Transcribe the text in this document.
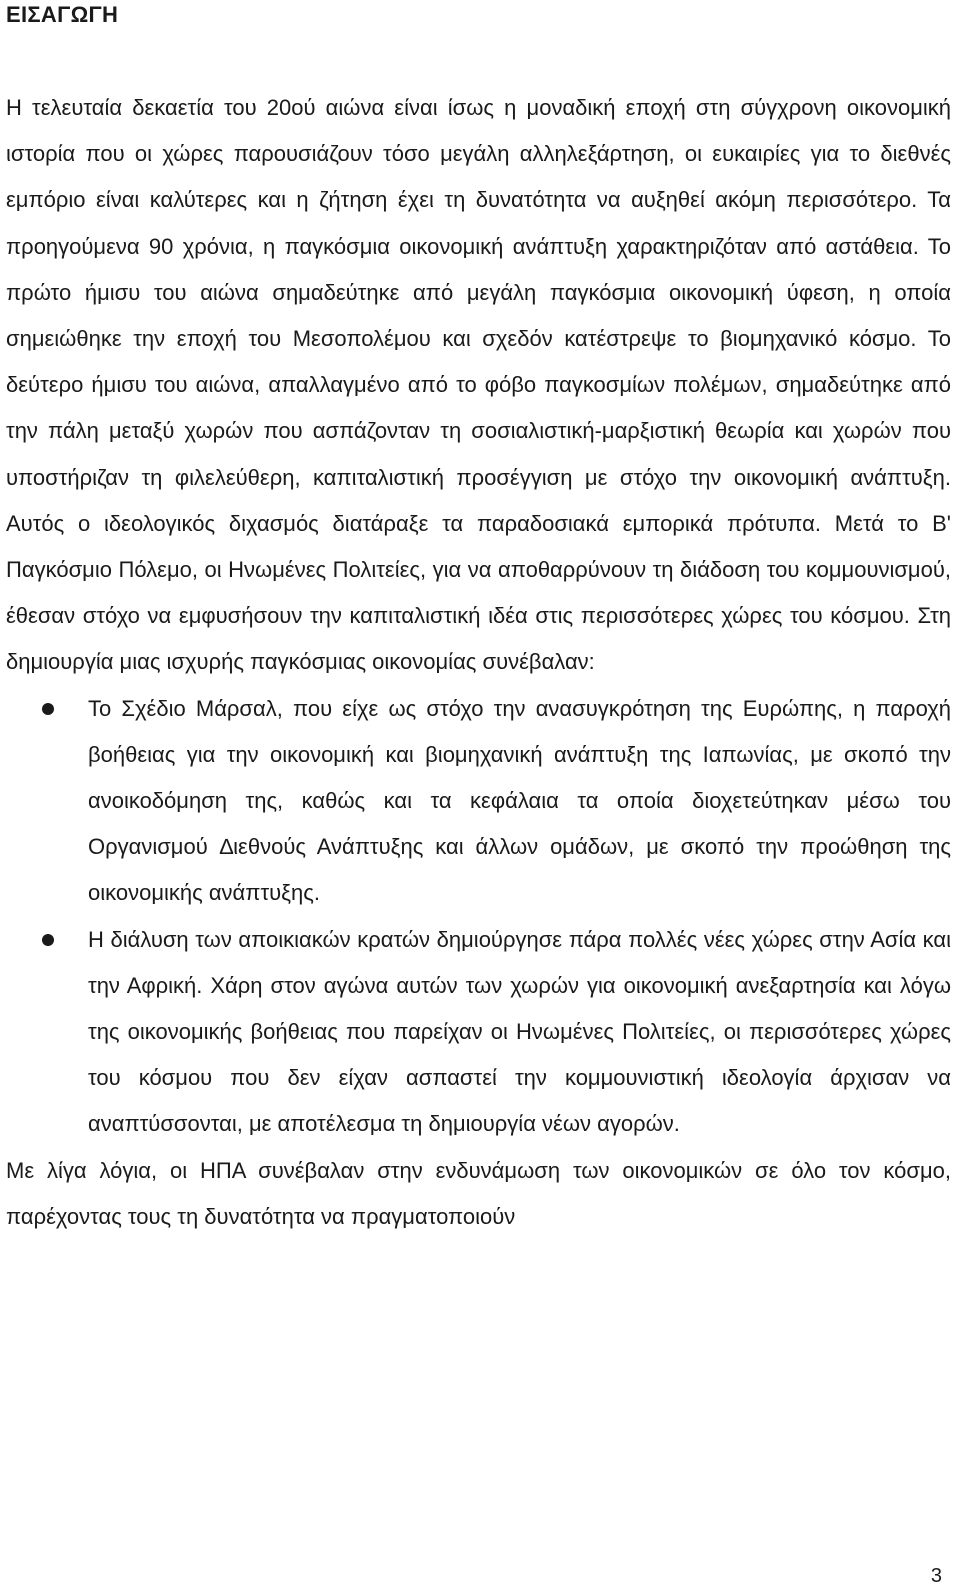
ΕΙΣΑΓΩΓΗ

Η τελευταία δεκαετία του 20ού αιώνα είναι ίσως η μοναδική εποχή στη σύγχρονη οικονομική ιστορία που οι χώρες παρουσιάζουν τόσο μεγάλη αλληλεξάρτηση, οι ευκαιρίες για το διεθνές εμπόριο είναι καλύτερες και η ζήτηση έχει τη δυνατότητα να αυξηθεί ακόμη περισσότερο. Τα προηγούμενα 90 χρόνια, η παγκόσμια οικονομική ανάπτυξη χαρακτηριζόταν από αστάθεια. Το πρώτο ήμισυ του αιώνα σημαδεύτηκε από μεγάλη παγκόσμια οικονομική ύφεση, η οποία σημειώθηκε την εποχή του Μεσοπολέμου και σχεδόν κατέστρεψε το βιομηχανικό κόσμο. Το δεύτερο ήμισυ του αιώνα, απαλλαγμένο από το φόβο παγκοσμίων πολέμων, σημαδεύτηκε από την πάλη μεταξύ χωρών που ασπάζονταν τη σοσιαλιστική-μαρξιστική θεωρία και χωρών που υποστήριζαν τη φιλελεύθερη, καπιταλιστική προσέγγιση με στόχο την οικονομική ανάπτυξη. Αυτός ο ιδεολογικός διχασμός διατάραξε τα παραδοσιακά εμπορικά πρότυπα. Μετά το Β' Παγκόσμιο Πόλεμο, οι Ηνωμένες Πολιτείες, για να αποθαρρύνουν τη διάδοση του κομμουνισμού, έθεσαν στόχο να εμφυσήσουν την καπιταλιστική ιδέα στις περισσότερες χώρες του κόσμου. Στη δημιουργία μιας ισχυρής παγκόσμιας οικονομίας συνέβαλαν:

Το Σχέδιο Μάρσαλ, που είχε ως στόχο την ανασυγκρότηση της Ευρώπης, η παροχή βοήθειας για την οικονομική και βιομηχανική ανάπτυξη της Ιαπωνίας, με σκοπό την ανοικοδόμηση της, καθώς και τα κεφάλαια τα οποία διοχετεύτηκαν μέσω του Οργανισμού ∆ιεθνούς Ανάπτυξης και άλλων ομάδων, με σκοπό την προώθηση της οικονομικής ανάπτυξης.
Η διάλυση των αποικιακών κρατών δημιούργησε πάρα πολλές νέες χώρες στην Ασία και την Αφρική. Χάρη στον αγώνα αυτών των χωρών για οικονομική ανεξαρτησία και λόγω της οικονομικής βοήθειας που παρείχαν οι Ηνωμένες Πολιτείες, οι περισσότερες χώρες του κόσμου που δεν είχαν ασπαστεί την κομμουνιστική ιδεολογία άρχισαν να αναπτύσσονται, με αποτέλεσμα τη δημιουργία νέων αγορών.

Με λίγα λόγια, οι ΗΠΑ συνέβαλαν στην ενδυνάμωση των οικονομικών σε όλο τον κόσμο, παρέχοντας τους τη δυνατότητα να πραγματοποιούν

3
